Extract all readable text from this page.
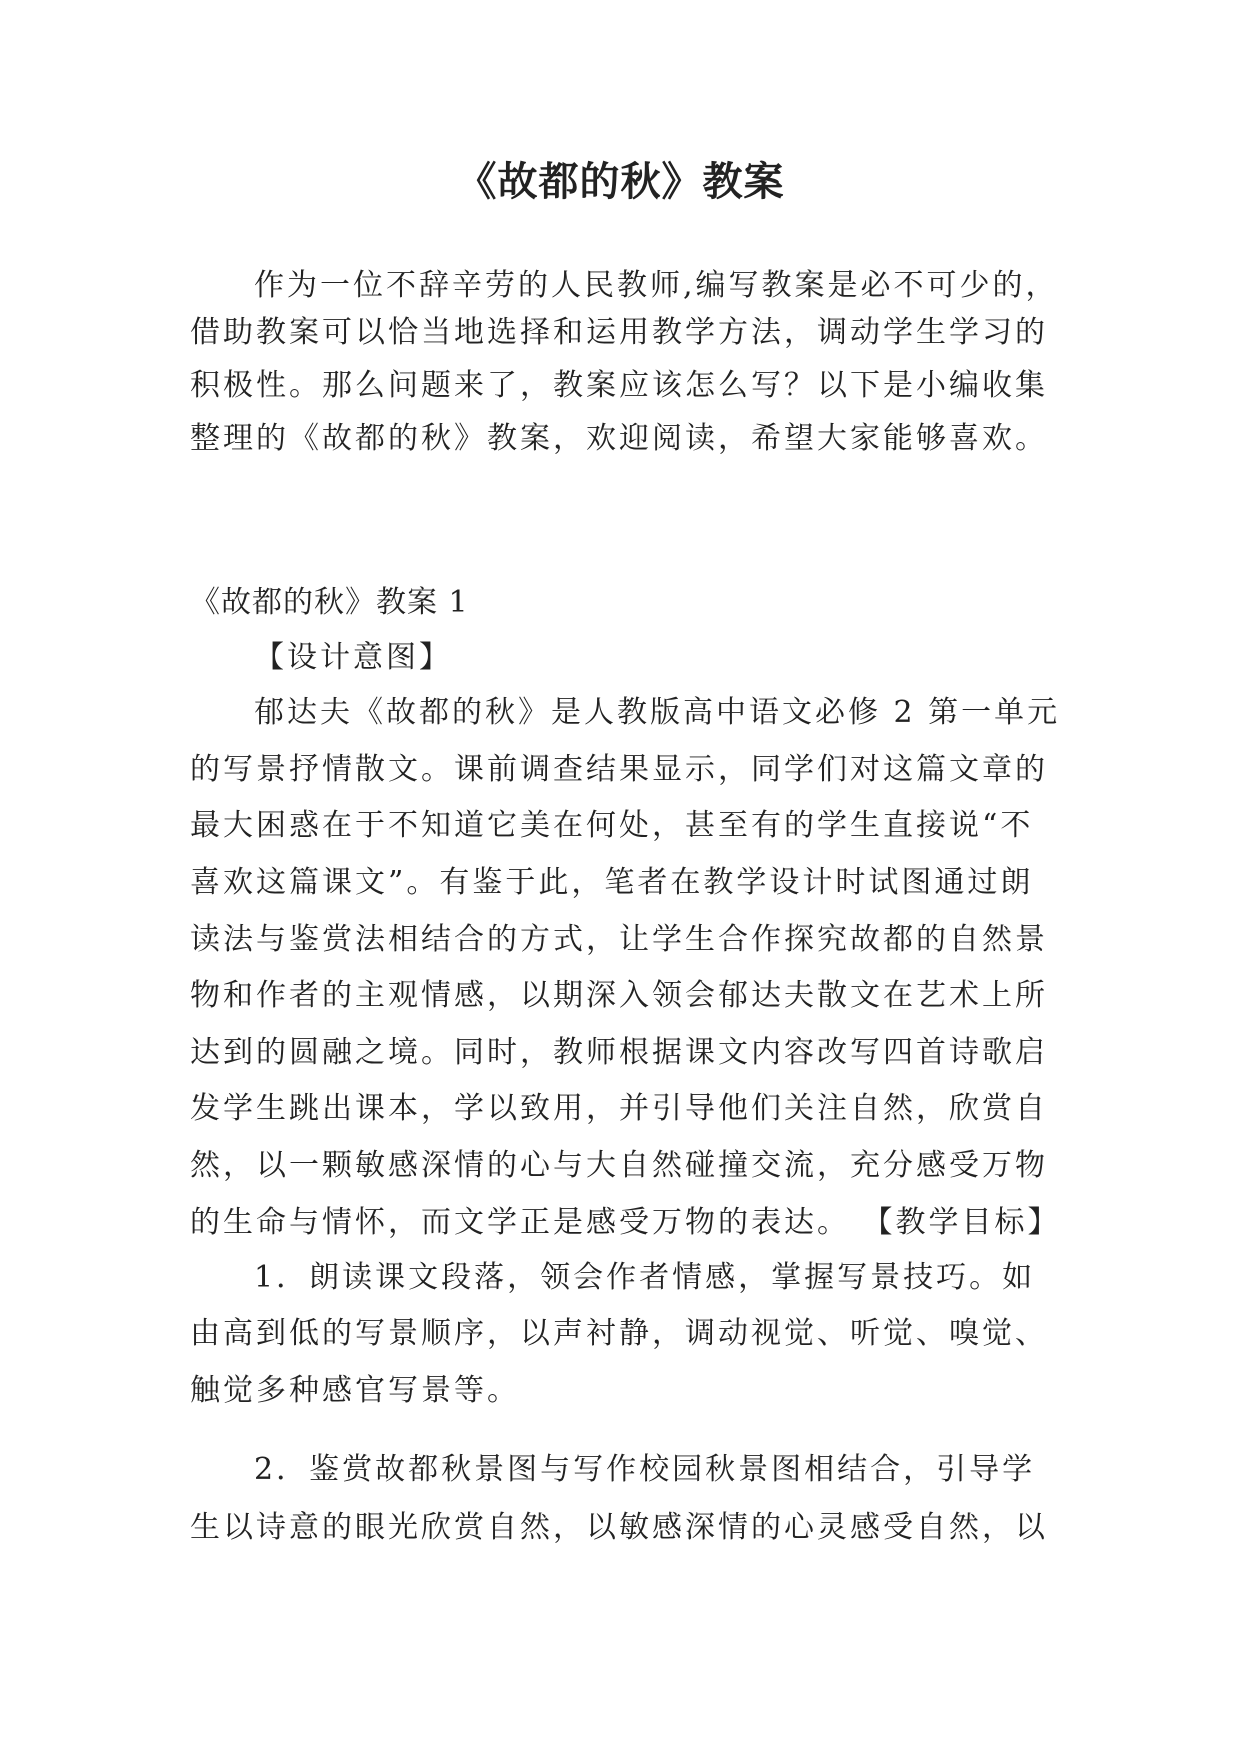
《故都的秋》教案
作为一位不辞辛劳的人民教师,编写教案是必不可少的，
借助教案可以恰当地选择和运用教学方法，调动学生学习的
积极性。那么问题来了，教案应该怎么写？以下是小编收集
整理的《故都的秋》教案，欢迎阅读，希望大家能够喜欢。
《故都的秋》教案 1
【设计意图】
郁达夫《故都的秋》是人教版高中语文必修 2 第一单元
的写景抒情散文。课前调查结果显示，同学们对这篇文章的
最大困惑在于不知道它美在何处，甚至有的学生直接说“不
喜欢这篇课文”。有鉴于此，笔者在教学设计时试图通过朗
读法与鉴赏法相结合的方式，让学生合作探究故都的自然景
物和作者的主观情感，以期深入领会郁达夫散文在艺术上所
达到的圆融之境。同时，教师根据课文内容改写四首诗歌启
发学生跳出课本，学以致用，并引导他们关注自然，欣赏自
然，以一颗敏感深情的心与大自然碰撞交流，充分感受万物
的生命与情怀，而文学正是感受万物的表达。 【教学目标】
1．朗读课文段落，领会作者情感，掌握写景技巧。如
由高到低的写景顺序，以声衬静，调动视觉、听觉、嗅觉、
触觉多种感官写景等。
2．鉴赏故都秋景图与写作校园秋景图相结合，引导学
生以诗意的眼光欣赏自然，以敏感深情的心灵感受自然，以
